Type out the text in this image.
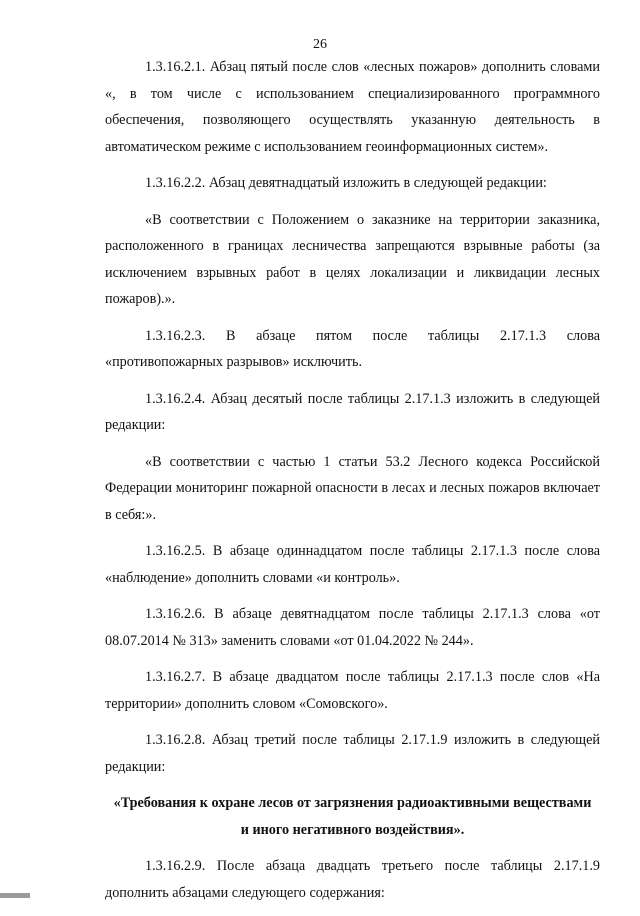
26

1.3.16.2.1. Абзац пятый после слов «лесных пожаров» дополнить словами «, в том числе с использованием специализированного программного обеспечения, позволяющего осуществлять указанную деятельность в автоматическом режиме с использованием геоинформационных систем».

1.3.16.2.2. Абзац девятнадцатый изложить в следующей редакции:

«В соответствии с Положением о заказнике на территории заказника, расположенного в границах лесничества запрещаются взрывные работы (за исключением взрывных работ в целях локализации и ликвидации лесных пожаров).».

1.3.16.2.3. В абзаце пятом после таблицы 2.17.1.3 слова «противопожарных разрывов» исключить.

1.3.16.2.4. Абзац десятый после таблицы 2.17.1.3 изложить в следующей редакции:

«В соответствии с частью 1 статьи 53.2 Лесного кодекса Российской Федерации мониторинг пожарной опасности в лесах и лесных пожаров включает в себя:».

1.3.16.2.5. В абзаце одиннадцатом после таблицы 2.17.1.3 после слова «наблюдение» дополнить словами «и контроль».

1.3.16.2.6. В абзаце девятнадцатом после таблицы 2.17.1.3 слова «от 08.07.2014 № 313» заменить словами «от 01.04.2022 № 244».

1.3.16.2.7. В абзаце двадцатом после таблицы 2.17.1.3 после слов «На территории» дополнить словом «Сомовского».

1.3.16.2.8. Абзац третий после таблицы 2.17.1.9 изложить в следующей редакции:

«Требования к охране лесов от загрязнения радиоактивными веществами и иного негативного воздействия».

1.3.16.2.9. После абзаца двадцать третьего после таблицы 2.17.1.9 дополнить абзацами следующего содержания:
